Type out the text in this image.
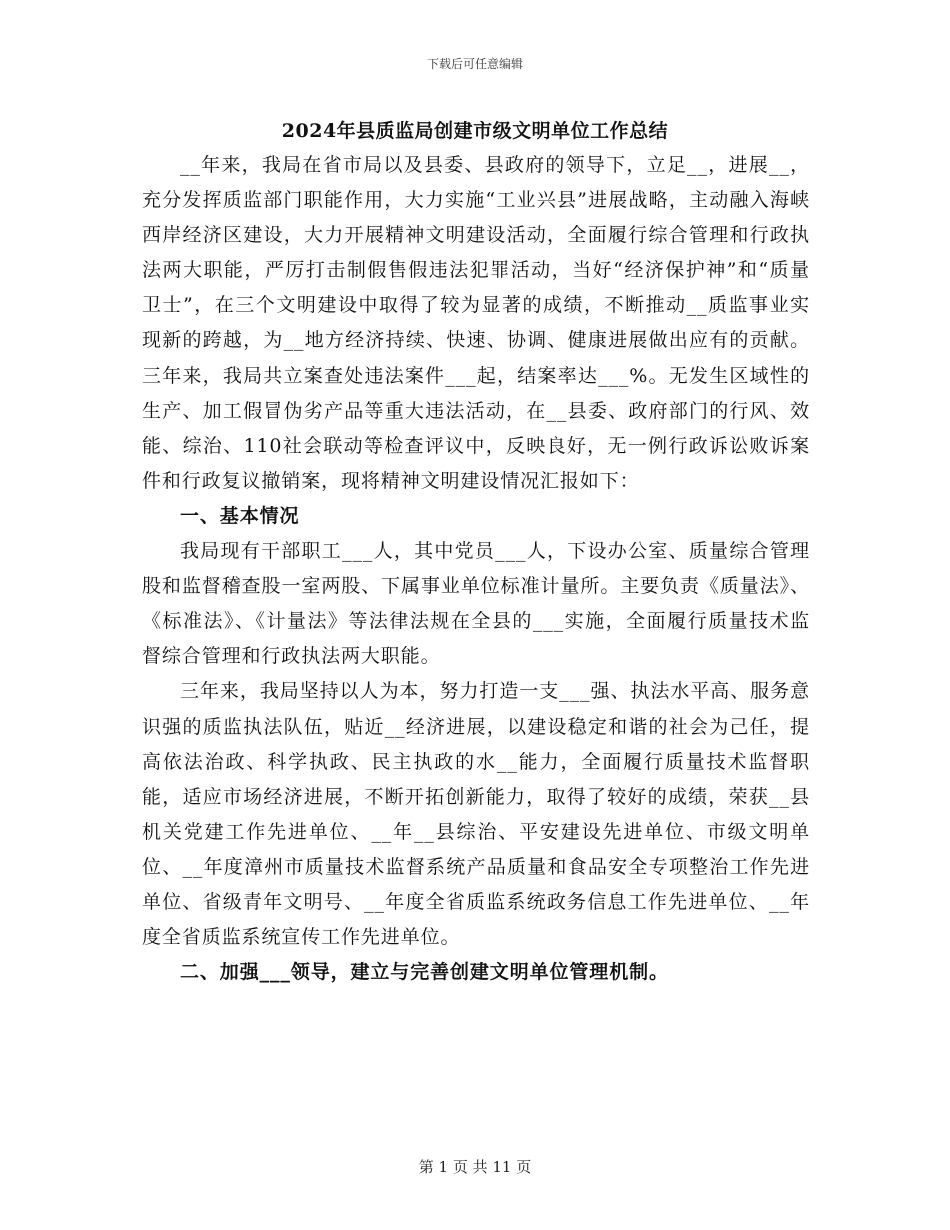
下载后可任意编辑
2024年县质监局创建市级文明单位工作总结

__年来，我局在省市局以及县委、县政府的领导下，立足__，进展__，充分发挥质监部门职能作用，大力实施“工业兴县”进展战略，主动融入海峡西岸经济区建设，大力开展精神文明建设活动，全面履行综合管理和行政执法两大职能，严厉打击制假售假违法犯罪活动，当好“经济保护神”和“质量卫士”，在三个文明建设中取得了较为显著的成绩，不断推动__质监事业实现新的跨越，为__地方经济持续、快速、协调、健康进展做出应有的贡献。三年来，我局共立案查处违法案件___起，结案率达___%。无发生区域性的生产、加工假冒伪劣产品等重大违法活动，在__县委、政府部门的行风、效能、综治、110社会联动等检查评议中，反映良好，无一例行政诉讼败诉案件和行政复议撤销案，现将精神文明建设情况汇报如下：

一、基本情况

我局现有干部职工___人，其中党员___人，下设办公室、质量综合管理股和监督稽查股一室两股、下属事业单位标准计量所。主要负责《质量法》、《标准法》、《计量法》等法律法规在全县的___实施，全面履行质量技术监督综合管理和行政执法两大职能。

三年来，我局坚持以人为本，努力打造一支___强、执法水平高、服务意识强的质监执法队伍，贴近__经济进展，以建设稳定和谐的社会为己任，提高依法治政、科学执政、民主执政的水__能力，全面履行质量技术监督职能，适应市场经济进展，不断开拓创新能力，取得了较好的成绩，荣获__县机关党建工作先进单位、__年__县综治、平安建设先进单位、市级文明单位、__年度漳州市质量技术监督系统产品质量和食品安全专项整治工作先进单位、省级青年文明号、__年度全省质监系统政务信息工作先进单位、__年度全省质监系统宣传工作先进单位。

二、加强___领导，建立与完善创建文明单位管理机制。

第 1 页 共 11 页
